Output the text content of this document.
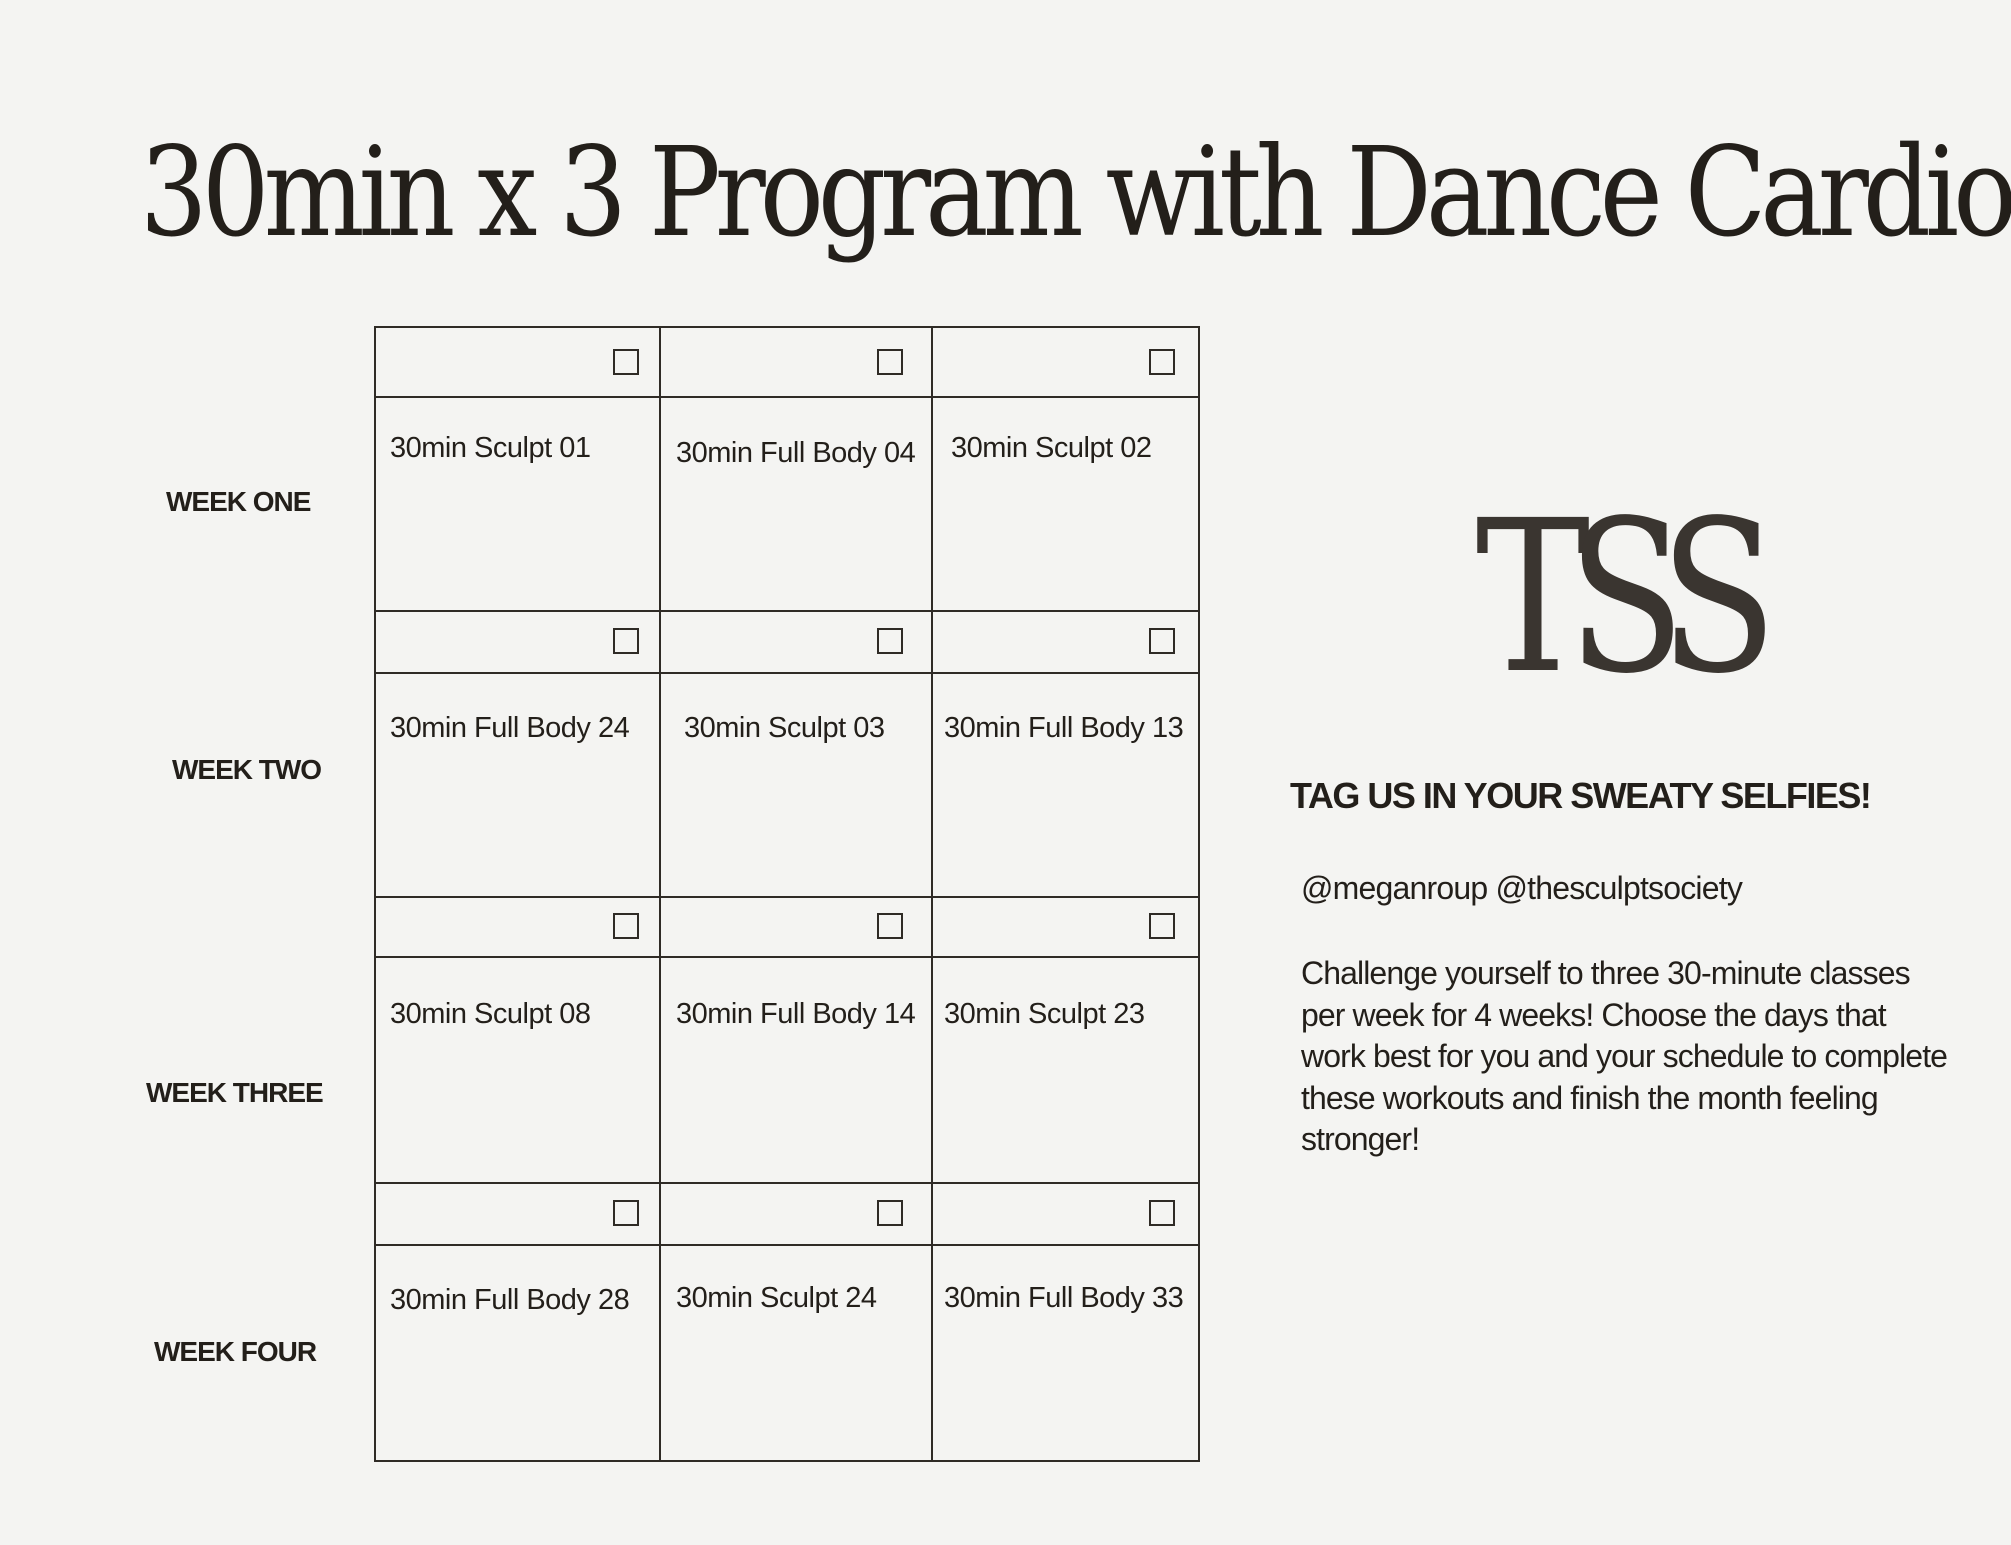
30min x 3 Program with Dance Cardio
WEEK ONE
WEEK TWO
WEEK THREE
WEEK FOUR
30min Sculpt 01	30min Full Body 04 30min Sculpt 02
30min Full Body 24 30min Sculpt 03 30min Full Body 13
30min Sculpt 08	30min Full Body 14 30min Sculpt 23
30min Full Body 28 30min Sculpt 24 30min Full Body 33
TSS
TAG US IN YOUR SWEATY SELFIES!
@meganroup @thesculptsociety
Challenge yourself to three 30-minute classes per week for 4 weeks! Choose the days that work best for you and your schedule to complete these workouts and finish the month feeling stronger!
